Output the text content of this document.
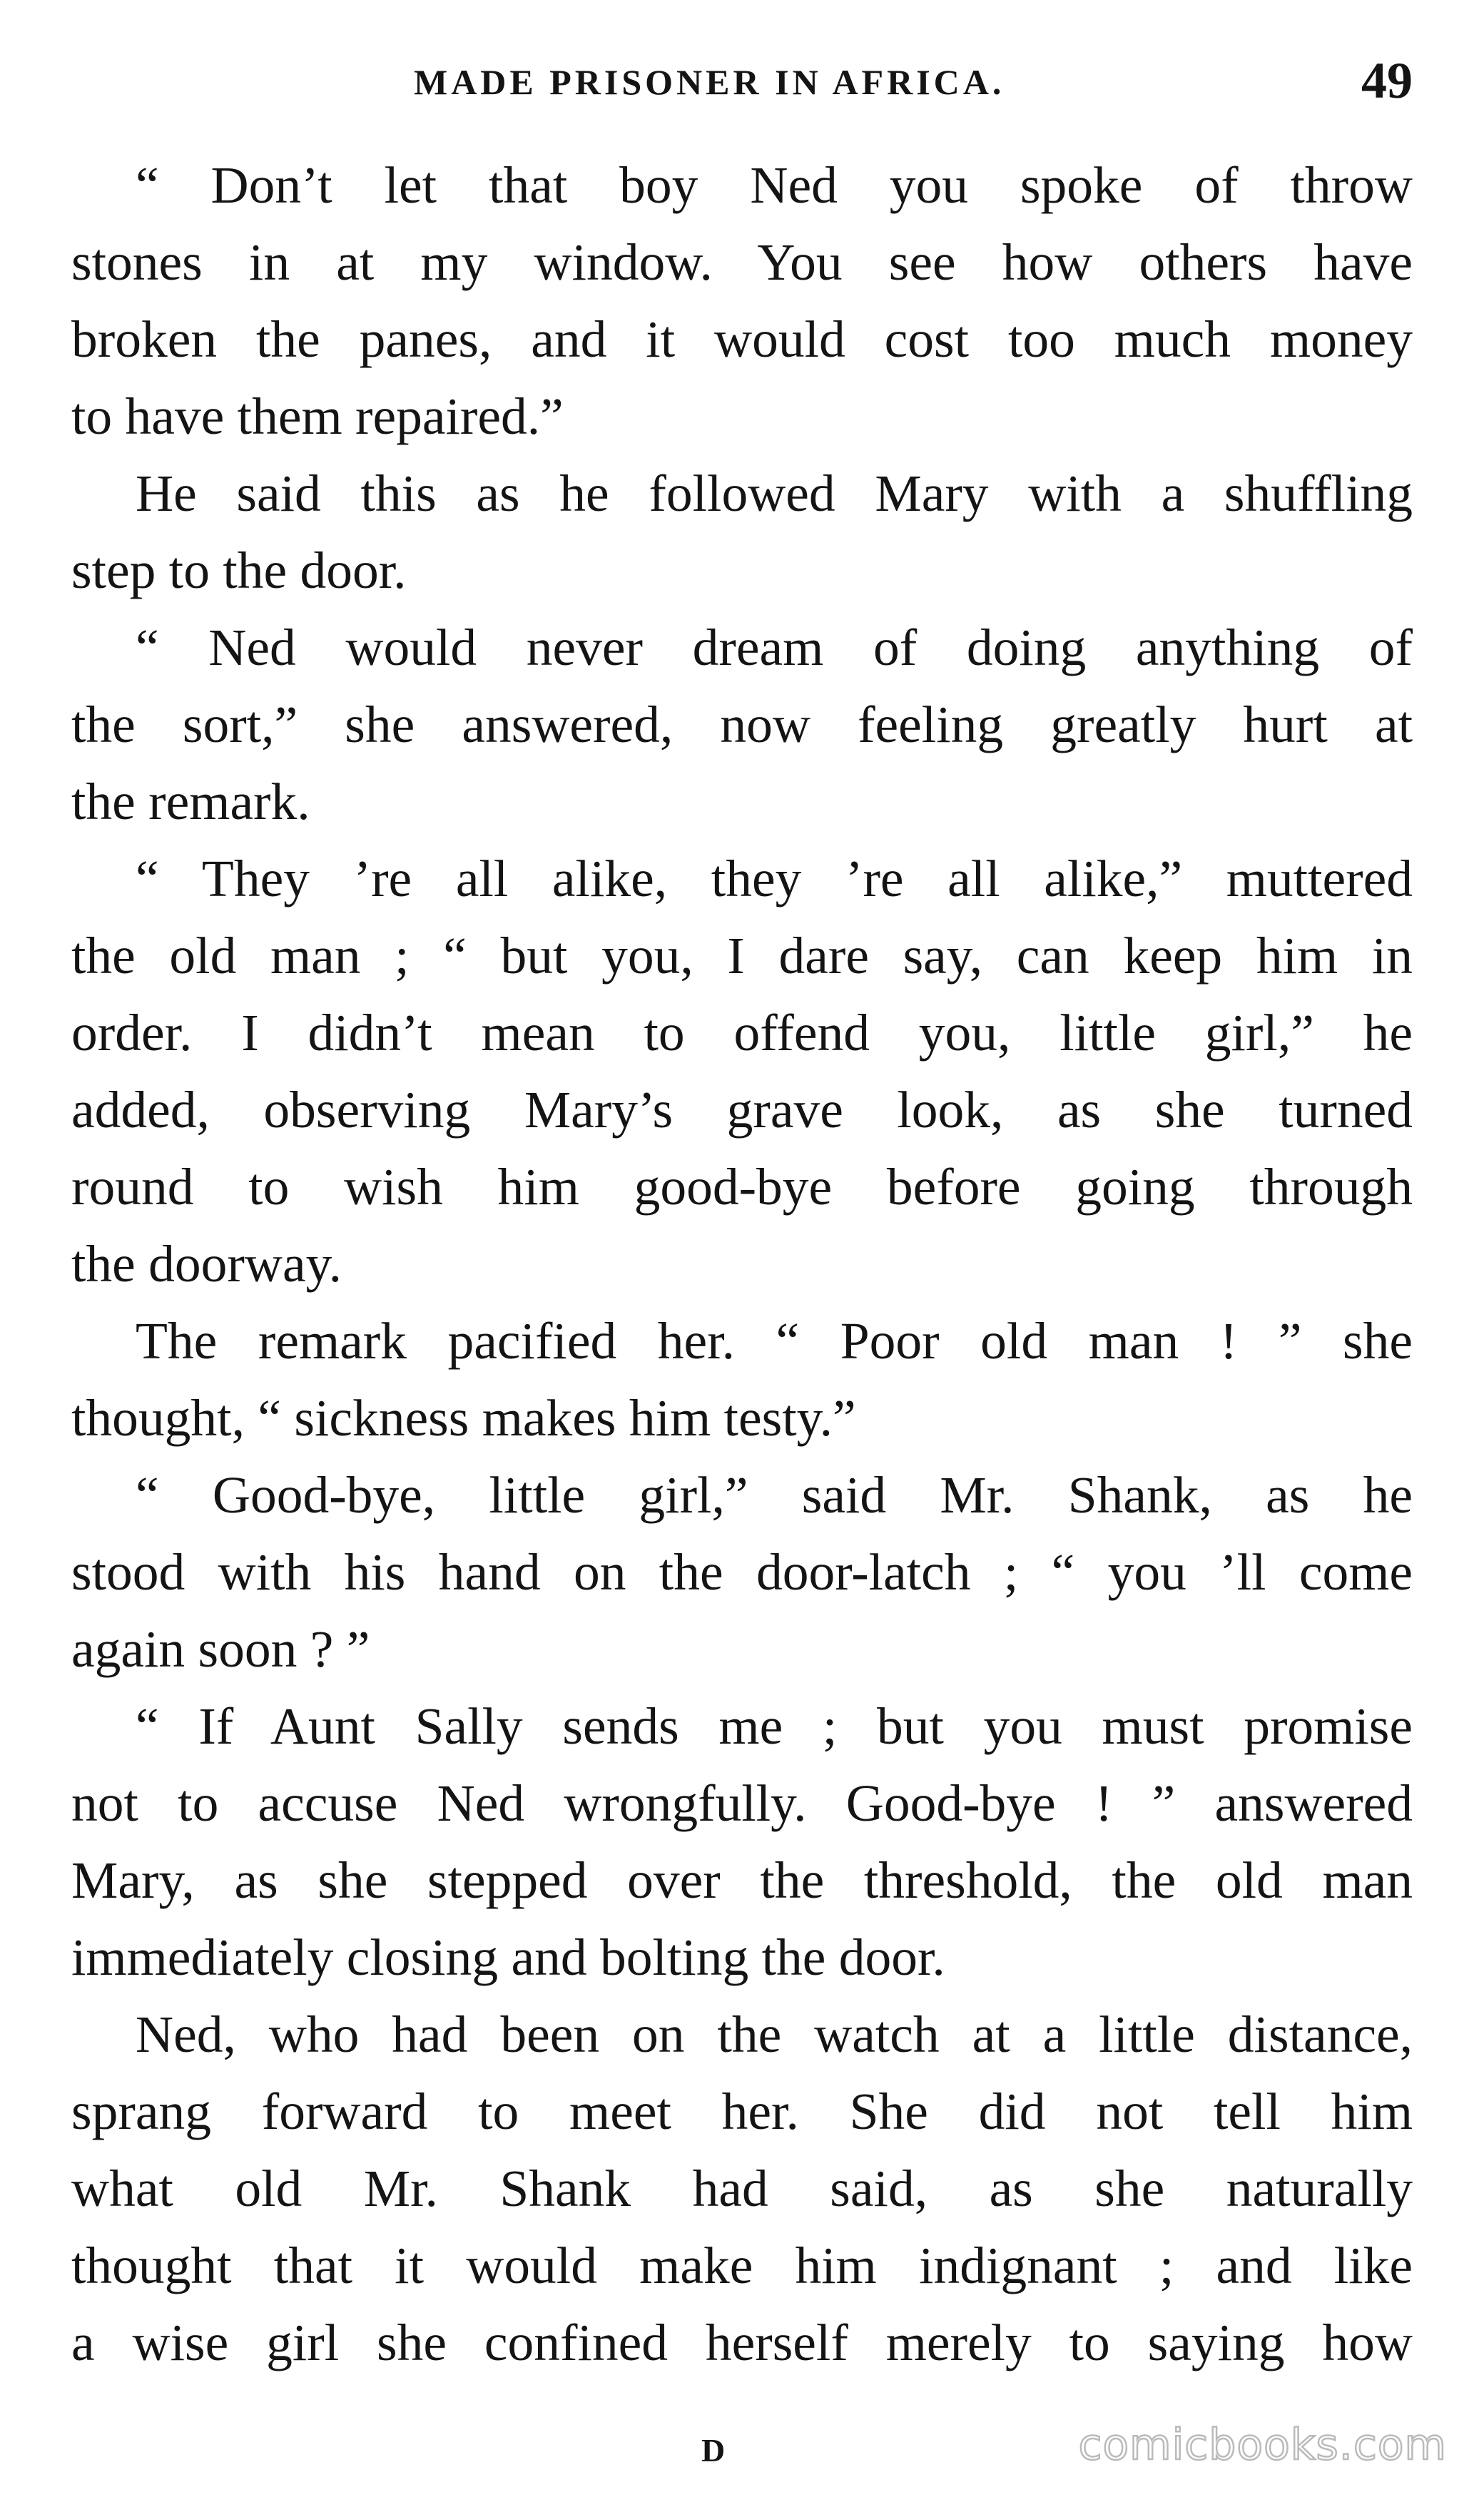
MADE PRISONER IN AFRICA.	49

“ Don’t let that boy Ned you spoke of throw
stones in at my window. You see how others have
broken the panes, and it would cost too much money
to have them repaired.”

He said this as he followed Mary with a shuffling
step to the door.

“ Ned would never dream of doing anything of
the sort,” she answered, now feeling greatly hurt at
the remark.

“ They ’re all alike, they ’re all alike,” muttered
the old man ; “ but you, I dare say, can keep him in
order. I didn’t mean to offend you, little girl,” he
added, observing Mary’s grave look, as she turned
round to wish him good-bye before going through
the doorway.

The remark pacified her. “ Poor old man ! ” she
thought, “ sickness makes him testy.”

“ Good-bye, little girl,” said Mr. Shank, as he
stood with his hand on the door-latch ; “ you ’ll come
again soon ? ”

“ If Aunt Sally sends me ; but you must promise
not to accuse Ned wrongfully. Good-bye ! ” answered
Mary, as she stepped over the threshold, the old man
immediately closing and bolting the door.

Ned, who had been on the watch at a little distance,
sprang forward to meet her. She did not tell him
what old Mr. Shank had said, as she naturally
thought that it would make him indignant ; and like
a wise girl she confined herself merely to saying how

D	comicbooks.com
